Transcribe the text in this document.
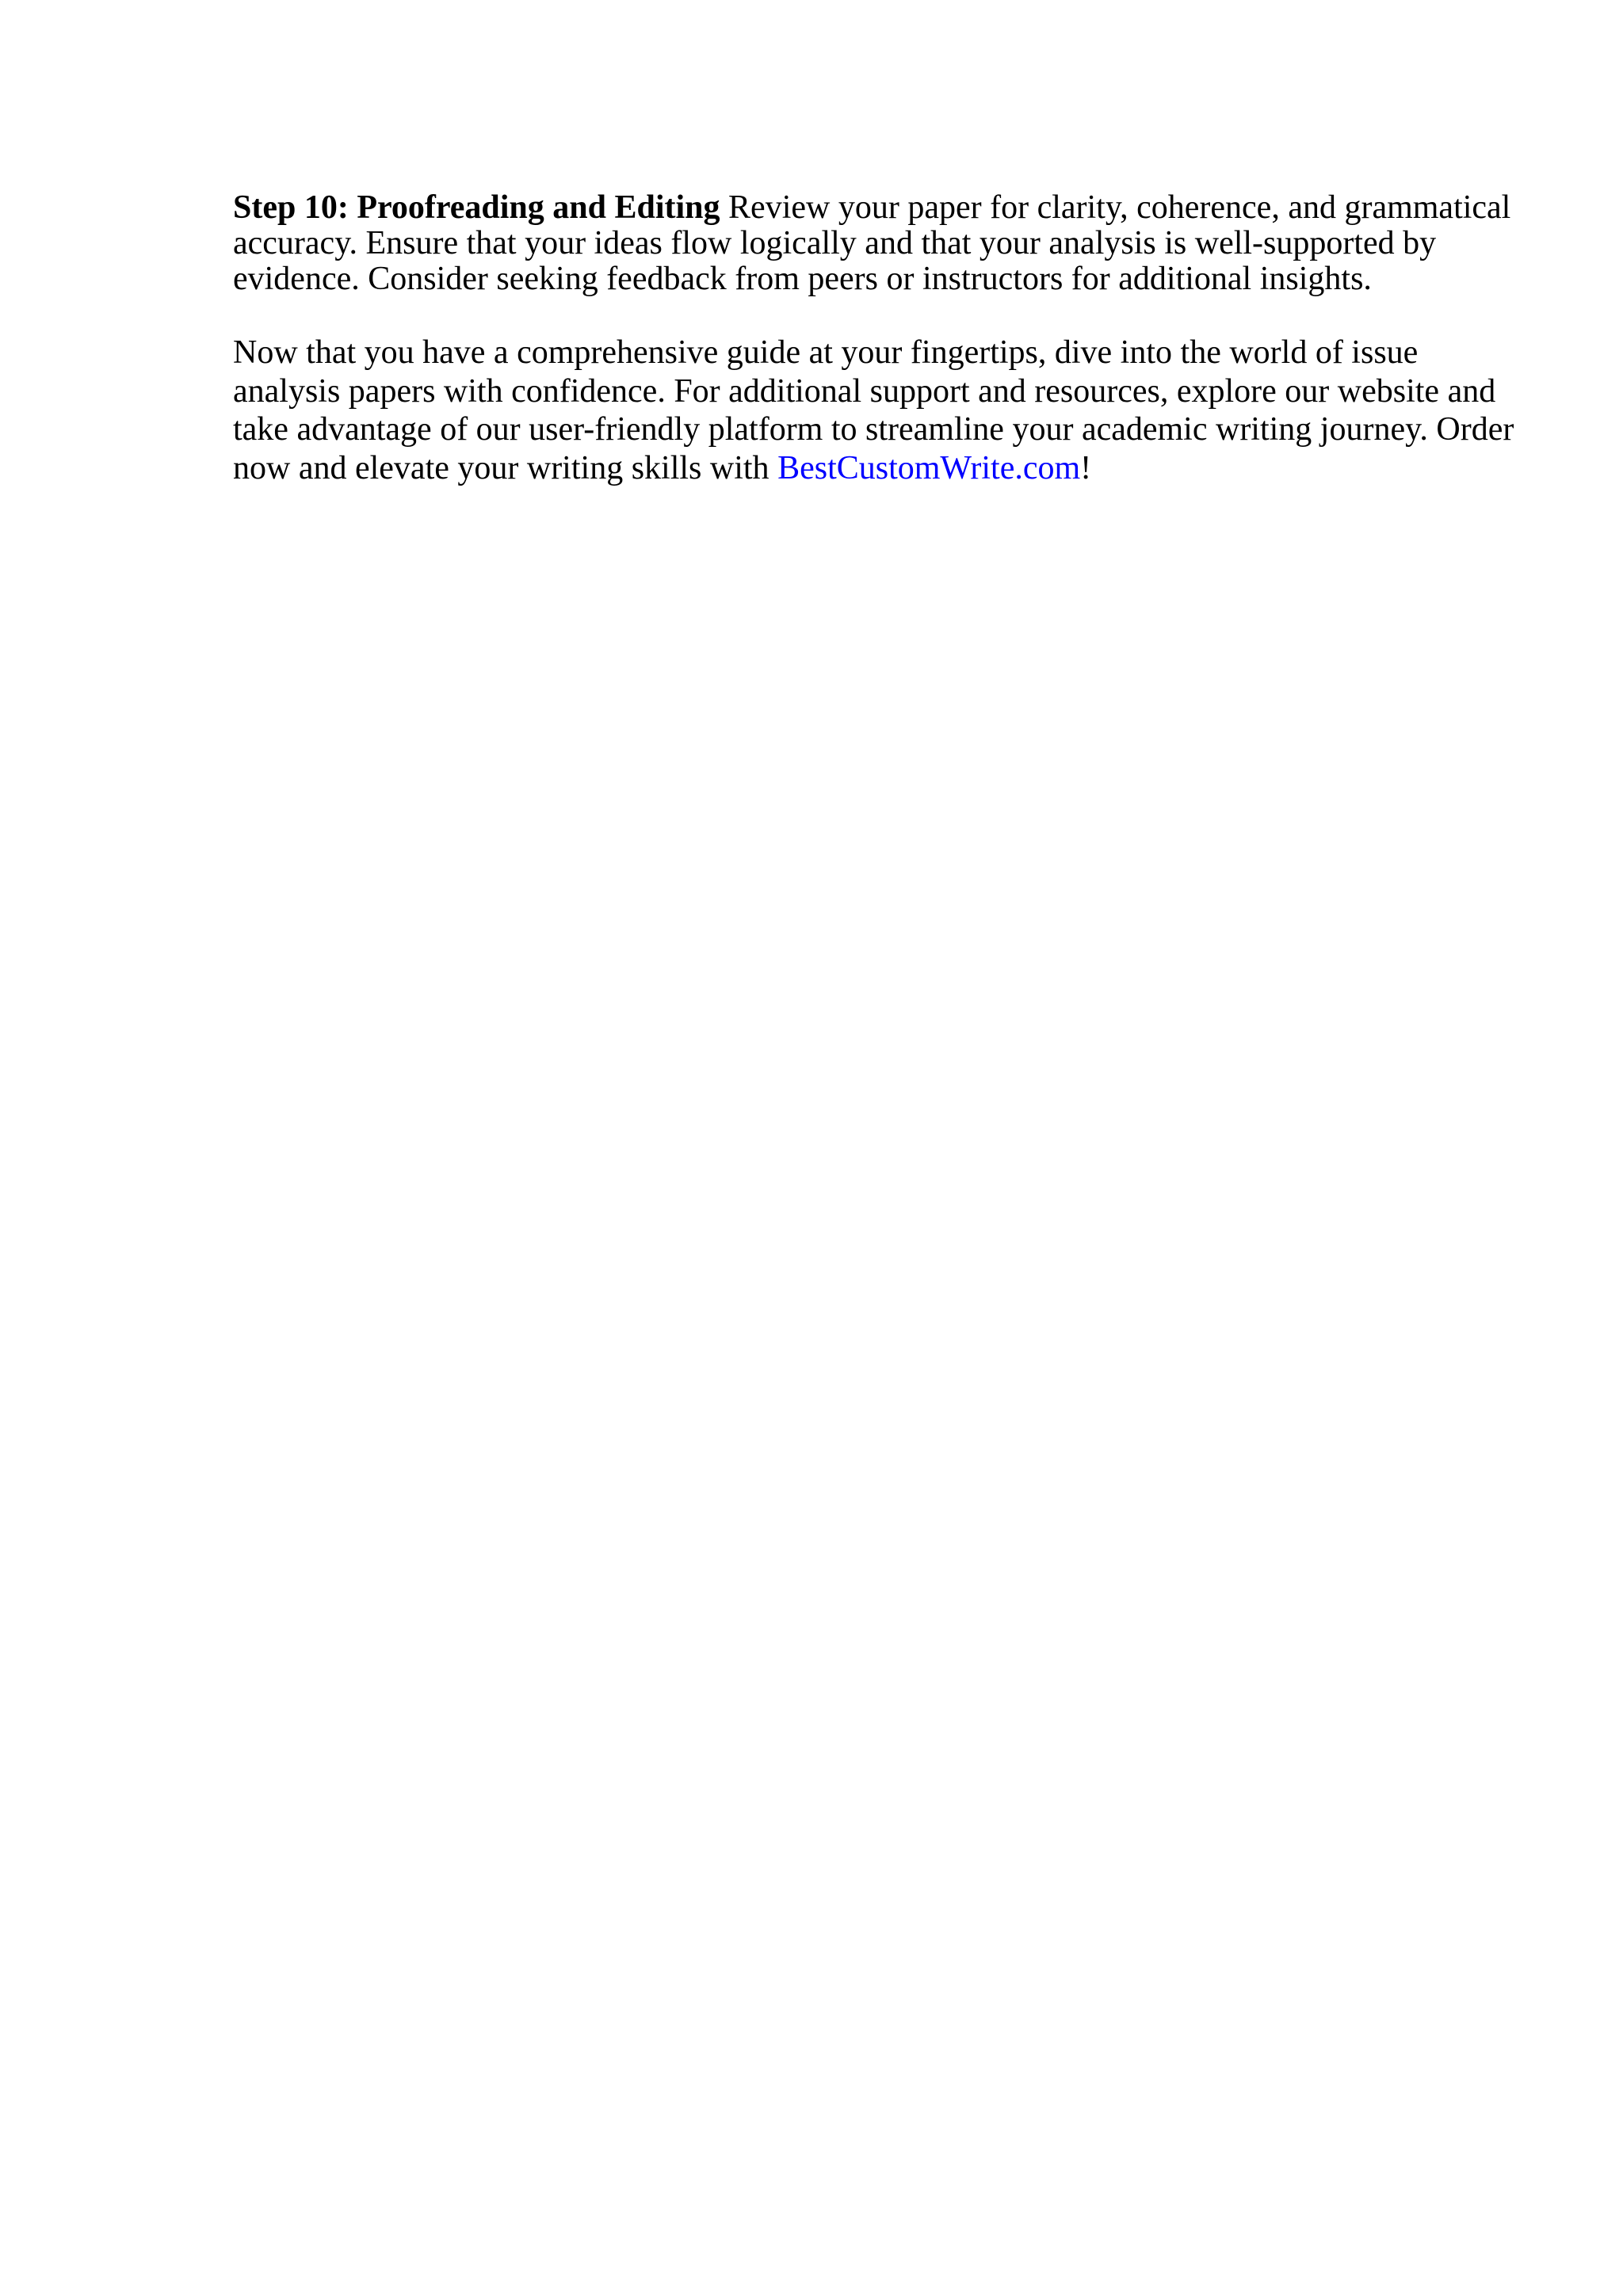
Step 10: Proofreading and Editing Review your paper for clarity, coherence, and grammatical accuracy. Ensure that your ideas flow logically and that your analysis is well-supported by evidence. Consider seeking feedback from peers or instructors for additional insights.

Now that you have a comprehensive guide at your fingertips, dive into the world of issue analysis papers with confidence. For additional support and resources, explore our website and take advantage of our user-friendly platform to streamline your academic writing journey. Order now and elevate your writing skills with BestCustomWrite.com!
